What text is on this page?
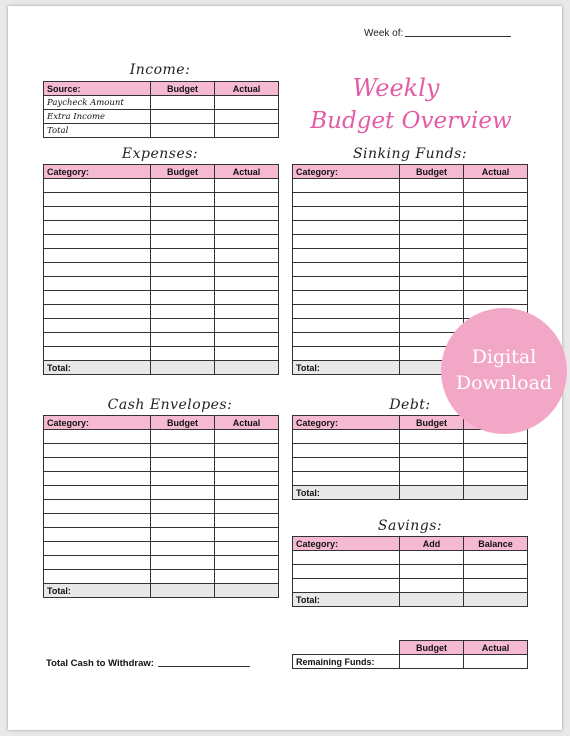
Week of:
Weekly
Budget Overview
Income:
Source:	Budget	Actual
Paycheck Amount		
Extra Income		
Total		
Expenses:
Category:	Budget	Actual

Total:		
Sinking Funds:
Category:	Budget	Actual

Total:		
Cash Envelopes:
Category:	Budget	Actual

Total:		
Debt:
Category:	Budget	

Total:		
Savings:
Category:	Add	Balance

Total:		
	Budget	Actual
Remaining Funds:		
Total Cash to Withdraw:
Digital
Download
